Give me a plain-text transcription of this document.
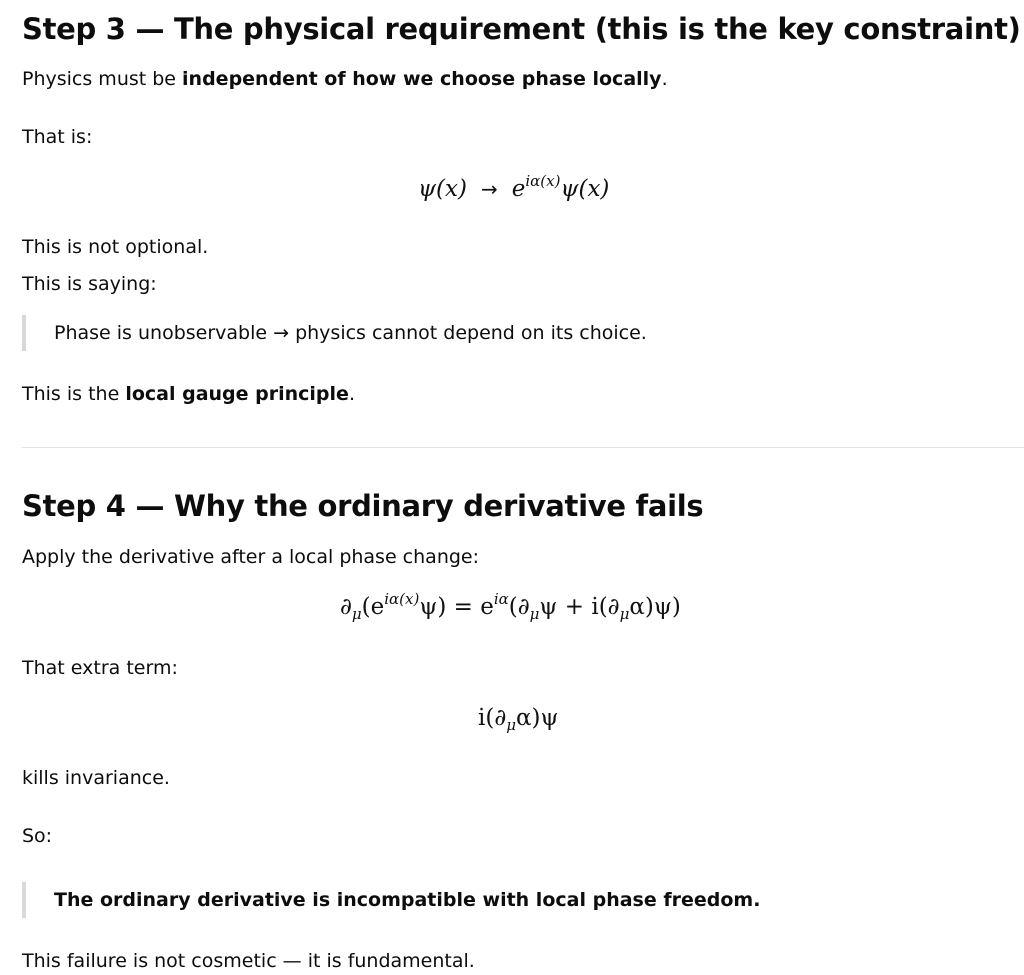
Step 3 — The physical requirement (this is the key constraint)

Physics must be independent of how we choose phase locally.

That is:

$\psi(x) \to e^{i\alpha(x)}\psi(x)$

This is not optional.

This is saying:

Phase is unobservable → physics cannot depend on its choice.

This is the local gauge principle.

Step 4 — Why the ordinary derivative fails

Apply the derivative after a local phase change:

$\partial_\mu(e^{i\alpha(x)}\psi) = e^{i\alpha}(\partial_\mu\psi + i(\partial_\mu\alpha)\psi)$

That extra term:

$i(\partial_\mu\alpha)\psi$

kills invariance.

So:

The ordinary derivative is incompatible with local phase freedom.

This failure is not cosmetic — it is fundamental.
